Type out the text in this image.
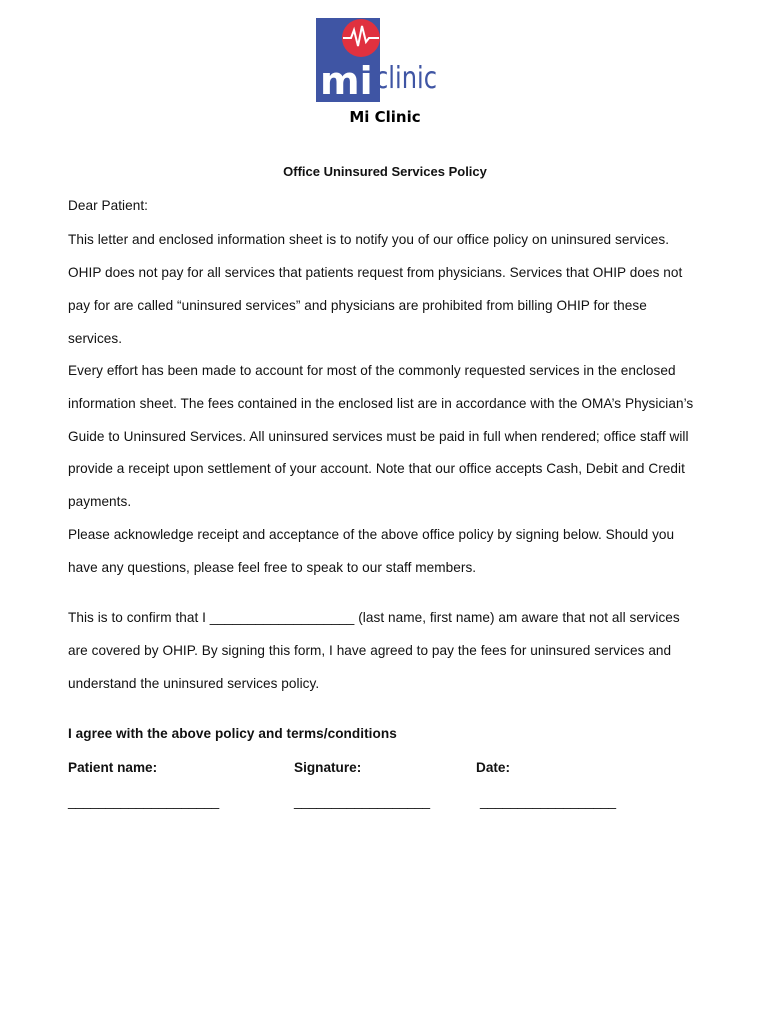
mi clinic
Mi Clinic
Office Uninsured Services Policy
Dear Patient:
This letter and enclosed information sheet is to notify you of our office policy on uninsured services.
OHIP does not pay for all services that patients request from physicians. Services that OHIP does not
pay for are called “uninsured services” and physicians are prohibited from billing OHIP for these
services.
Every effort has been made to account for most of the commonly requested services in the enclosed
information sheet. The fees contained in the enclosed list are in accordance with the OMA’s Physician’s
Guide to Uninsured Services. All uninsured services must be paid in full when rendered; office staff will
provide a receipt upon settlement of your account. Note that our office accepts Cash, Debit and Credit
payments.
Please acknowledge receipt and acceptance of the above office policy by signing below. Should you
have any questions, please feel free to speak to our staff members.
This is to confirm that I ___________________ (last name, first name) am aware that not all services
are covered by OHIP. By signing this form, I have agreed to pay the fees for uninsured services and
understand the uninsured services policy.
I agree with the above policy and terms/conditions
Patient name:	Signature:	Date:
____________________	__________________	__________________
